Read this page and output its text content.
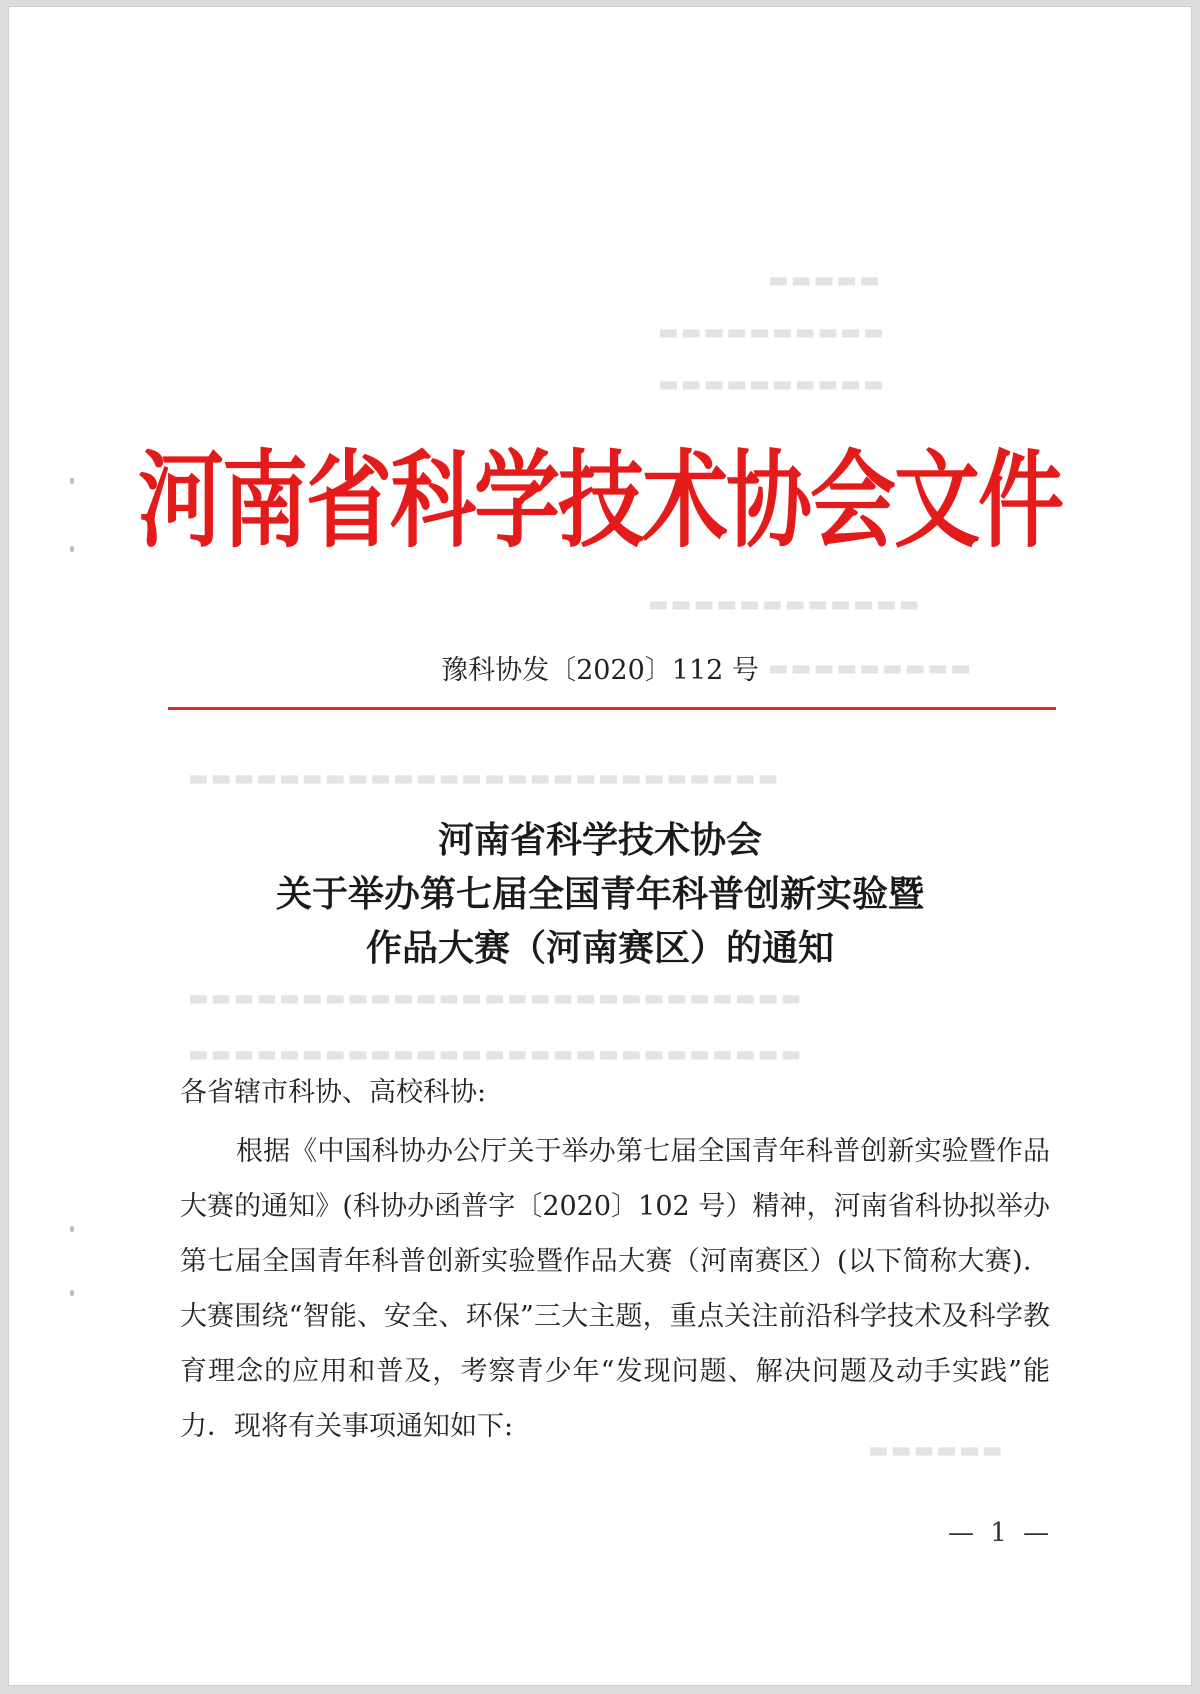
▬▬▬▬▬
▬▬▬▬▬▬▬▬▬▬
▬▬▬▬▬▬▬▬▬▬
▬▬▬▬▬▬▬▬▬▬▬▬
▬▬▬▬▬▬▬▬▬
▬▬▬▬▬▬▬▬▬▬▬▬▬▬▬▬▬▬▬▬▬▬▬▬▬▬
▬▬▬▬▬▬▬▬▬▬▬▬▬▬▬▬▬▬▬▬▬▬▬▬▬▬▬
▬▬▬▬▬▬▬▬▬▬▬▬▬▬▬▬▬▬▬▬▬▬▬▬▬▬▬
▬▬▬▬▬▬
河南省科学技术协会文件
豫科协发〔2020〕112 号
河南省科学技术协会
关于举办第七届全国青年科普创新实验暨
作品大赛（河南赛区）的通知
各省辖市科协、高校科协:
根据《中国科协办公厅关于举办第七届全国青年科普创新实验暨作品大赛的通知》(科协办函普字〔2020〕102 号）精神，河南省科协拟举办第七届全国青年科普创新实验暨作品大赛（河南赛区）(以下简称大赛)．大赛围绕“智能、安全、环保”三大主题，重点关注前沿科学技术及科学教育理念的应用和普及，考察青少年“发现问题、解决问题及动手实践”能力．现将有关事项通知如下:
— 1 —
